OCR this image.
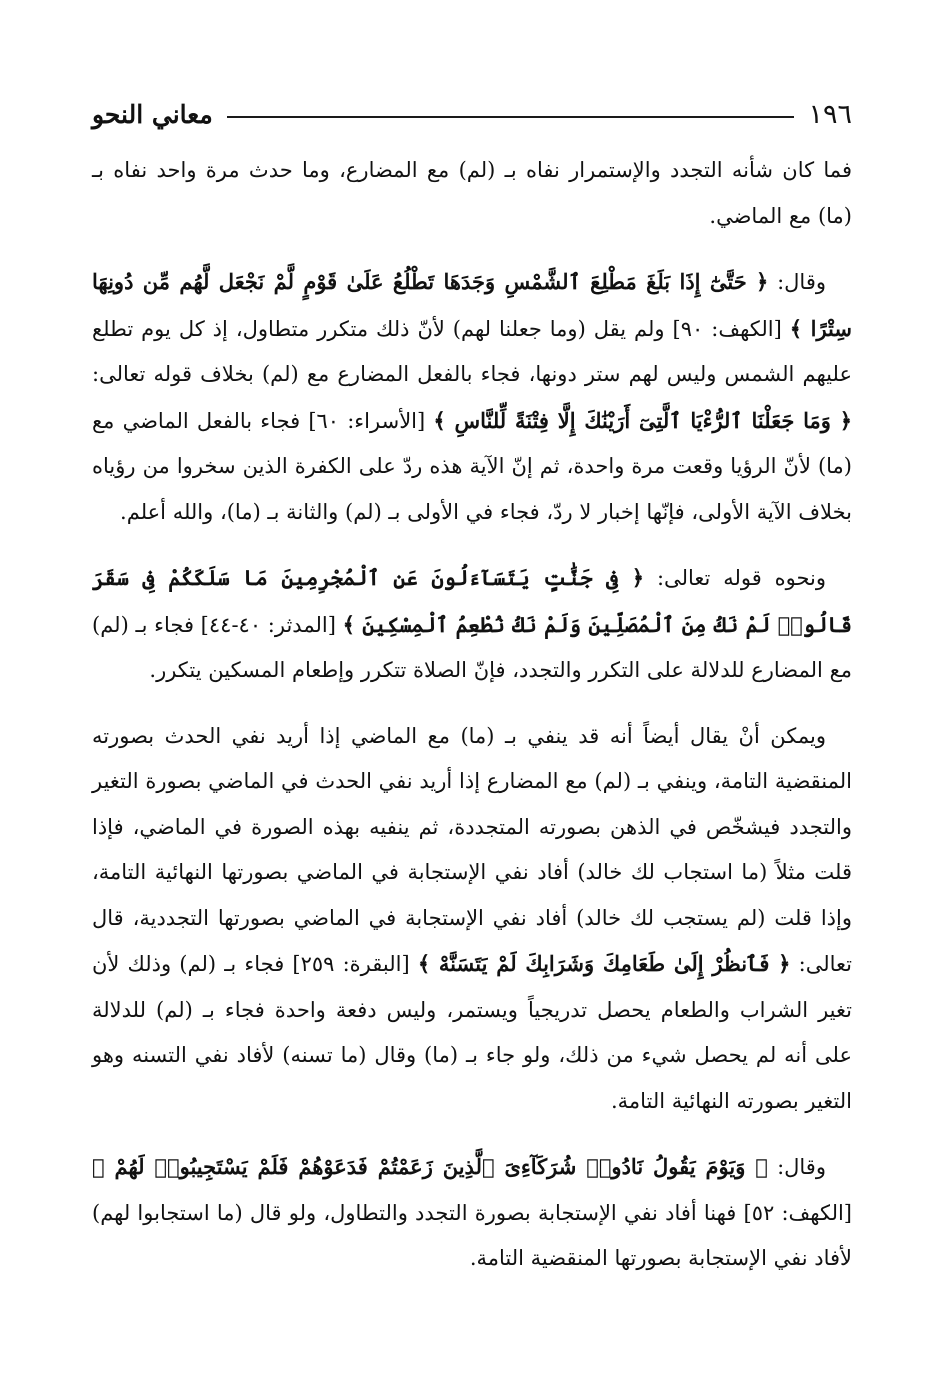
١٩٦
معاني النحو

فما كان شأنه التجدد والإستمرار نفاه بـ (لم) مع المضارع، وما حدث مرة واحد نفاه بـ (ما) مع الماضي.

وقال: ﴿ حَتَّىٰٓ إِذَا بَلَغَ مَطْلِعَ ٱلشَّمْسِ وَجَدَهَا تَطْلُعُ عَلَىٰ قَوْمٍ لَّمْ نَجْعَل لَّهُم مِّن دُونِهَا سِتْرًا ﴾ [الكهف: ٩٠] ولم يقل (وما جعلنا لهم) لأنّ ذلك متكرر متطاول، إذ كل يوم تطلع عليهم الشمس وليس لهم ستر دونها، فجاء بالفعل المضارع مع (لم) بخلاف قوله تعالى: ﴿ وَمَا جَعَلْنَا ٱلرُّءْيَا ٱلَّتِىٓ أَرَيْنَٰكَ إِلَّا فِتْنَةً لِّلنَّاسِ ﴾ [الأسراء: ٦٠] فجاء بالفعل الماضي مع (ما) لأنّ الرؤيا وقعت مرة واحدة، ثم إنّ الآية هذه ردّ على الكفرة الذين سخروا من رؤياه بخلاف الآية الأولى، فإنّها إخبار لا ردّ، فجاء في الأولى بـ (لم) والثانة بـ (ما)، والله أعلم.

ونحوه قوله تعالى: ﴿ فِى جَنَّٰتٍ يَتَسَآءَلُونَ عَنِ ٱلْمُجْرِمِينَ مَا سَلَكَكُمْ فِى سَقَرَ قَالُوا۟ لَمْ نَكُ مِنَ ٱلْمُصَلِّينَ وَلَمْ نَكُ نُطْعِمُ ٱلْمِسْكِينَ ﴾ [المدثر: ٤٠-٤٤] فجاء بـ (لم) مع المضارع للدلالة على التكرر والتجدد، فإنّ الصلاة تتكرر وإطعام المسكين يتكرر.

ويمكن أنْ يقال أيضاً أنه قد ينفي بـ (ما) مع الماضي إذا أريد نفي الحدث بصورته المنقضية التامة، وينفي بـ (لم) مع المضارع إذا أريد نفي الحدث في الماضي بصورة التغير والتجدد فيشخّص في الذهن بصورته المتجددة، ثم ينفيه بهذه الصورة في الماضي، فإذا قلت مثلاً (ما استجاب لك خالد) أفاد نفي الإستجابة في الماضي بصورتها النهائية التامة، وإذا قلت (لم يستجب لك خالد) أفاد نفي الإستجابة في الماضي بصورتها التجددية، قال تعالى: ﴿ فَٱنظُرْ إِلَىٰ طَعَامِكَ وَشَرَابِكَ لَمْ يَتَسَنَّهْ ﴾ [البقرة: ٢٥٩] فجاء بـ (لم) وذلك لأن تغير الشراب والطعام يحصل تدريجياً ويستمر، وليس دفعة واحدة فجاء بـ (لم) للدلالة على أنه لم يحصل شيء من ذلك، ولو جاء بـ (ما) وقال (ما تسنه) لأفاد نفي التسنه وهو التغير بصورته النهائية التامة.

وقال: ﴿ وَيَوْمَ يَقُولُ نَادُوا۟ شُرَكَآءِىَ ٱلَّذِينَ زَعَمْتُمْ فَدَعَوْهُمْ فَلَمْ يَسْتَجِيبُوا۟ لَهُمْ ﴾ [الكهف: ٥٢] فهنا أفاد نفي الإستجابة بصورة التجدد والتطاول، ولو قال (ما استجابوا لهم) لأفاد نفي الإستجابة بصورتها المنقضية التامة.
